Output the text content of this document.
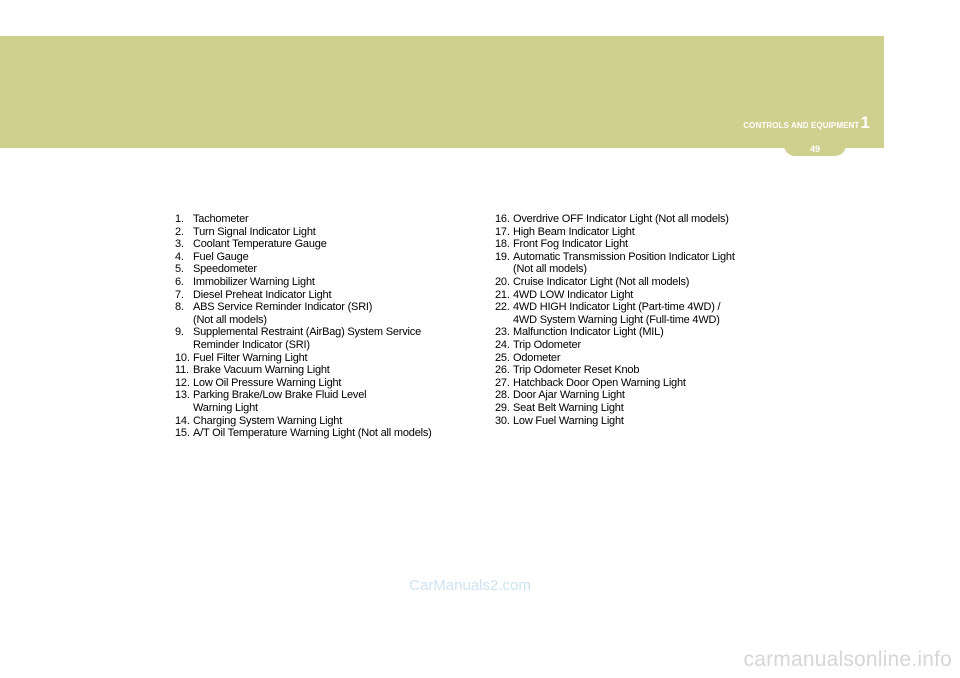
CONTROLS AND EQUIPMENT 1
49
1. Tachometer
2. Turn Signal Indicator Light
3. Coolant Temperature Gauge
4. Fuel Gauge
5. Speedometer
6. Immobilizer Warning Light
7. Diesel Preheat Indicator Light
8. ABS Service Reminder Indicator (SRI)
(Not all models)
9. Supplemental Restraint (AirBag) System Service
Reminder Indicator (SRI)
10. Fuel Filter Warning Light
11. Brake Vacuum Warning Light
12. Low Oil Pressure Warning Light
13. Parking Brake/Low Brake Fluid Level
Warning Light
14. Charging System Warning Light
15. A/T Oil Temperature Warning Light (Not all models)
16. Overdrive OFF Indicator Light (Not all models)
17. High Beam Indicator Light
18. Front Fog Indicator Light
19. Automatic Transmission Position Indicator Light
(Not all models)
20. Cruise Indicator Light (Not all models)
21. 4WD LOW Indicator Light
22. 4WD HIGH Indicator Light (Part-time 4WD) /
4WD System Warning Light (Full-time 4WD)
23. Malfunction Indicator Light (MIL)
24. Trip Odometer
25. Odometer
26. Trip Odometer Reset Knob
27. Hatchback Door Open Warning Light
28. Door Ajar Warning Light
29. Seat Belt Warning Light
30. Low Fuel Warning Light
CarManuals2.com
carmanualsonline.info
